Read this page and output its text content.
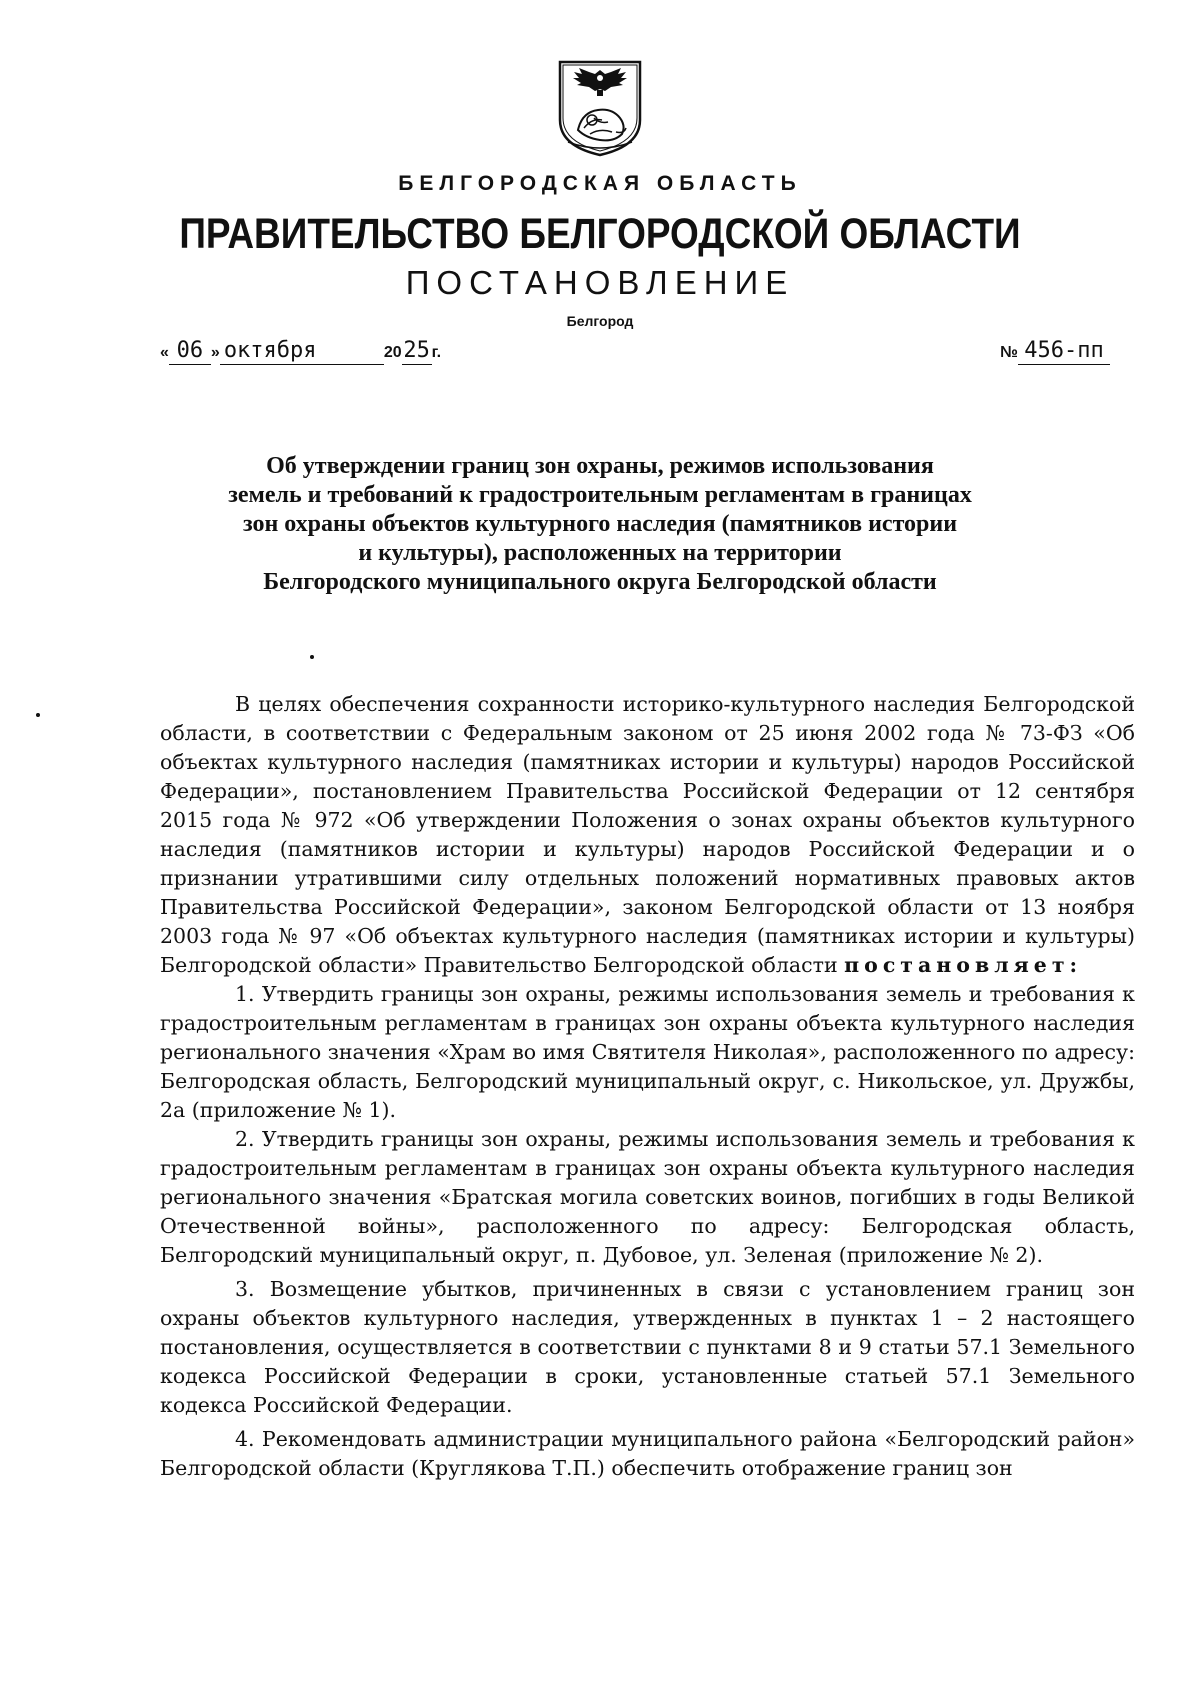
БЕЛГОРОДСКАЯ ОБЛАСТЬ
ПРАВИТЕЛЬСТВО БЕЛГОРОДСКОЙ ОБЛАСТИ
ПОСТАНОВЛЕНИЕ
Белгород
« 06 » октября	2025 г.	№ 456-пп
Об утверждении границ зон охраны, режимов использования
земель и требований к градостроительным регламентам в границах
зон охраны объектов культурного наследия (памятников истории
и культуры), расположенных на территории
Белгородского муниципального округа Белгородской области

В целях обеспечения сохранности историко-культурного наследия Белгородской области, в соответствии с Федеральным законом от 25 июня 2002 года № 73-ФЗ «Об объектах культурного наследия (памятниках истории и культуры) народов Российской Федерации», постановлением Правительства Российской Федерации от 12 сентября 2015 года № 972 «Об утверждении Положения о зонах охраны объектов культурного наследия (памятников истории и культуры) народов Российской Федерации и о признании утратившими силу отдельных положений нормативных правовых актов Правительства Российской Федерации», законом Белгородской области от 13 ноября 2003 года № 97 «Об объектах культурного наследия (памятниках истории и культуры) Белгородской области» Правительство Белгородской области постановляет:

1. Утвердить границы зон охраны, режимы использования земель и требования к градостроительным регламентам в границах зон охраны объекта культурного наследия регионального значения «Храм во имя Святителя Николая», расположенного по адресу: Белгородская область, Белгородский муниципальный округ, с. Никольское, ул. Дружбы, 2а (приложение № 1).

2. Утвердить границы зон охраны, режимы использования земель и требования к градостроительным регламентам в границах зон охраны объекта культурного наследия регионального значения «Братская могила советских воинов, погибших в годы Великой Отечественной войны», расположенного по адресу: Белгородская область, Белгородский муниципальный округ, п. Дубовое, ул. Зеленая (приложение № 2).

3. Возмещение убытков, причиненных в связи с установлением границ зон охраны объектов культурного наследия, утвержденных в пунктах 1 – 2 настоящего постановления, осуществляется в соответствии с пунктами 8 и 9 статьи 57.1 Земельного кодекса Российской Федерации в сроки, установленные статьей 57.1 Земельного кодекса Российской Федерации.

4. Рекомендовать администрации муниципального района «Белгородский район» Белгородской области (Круглякова Т.П.) обеспечить отображение границ зон
